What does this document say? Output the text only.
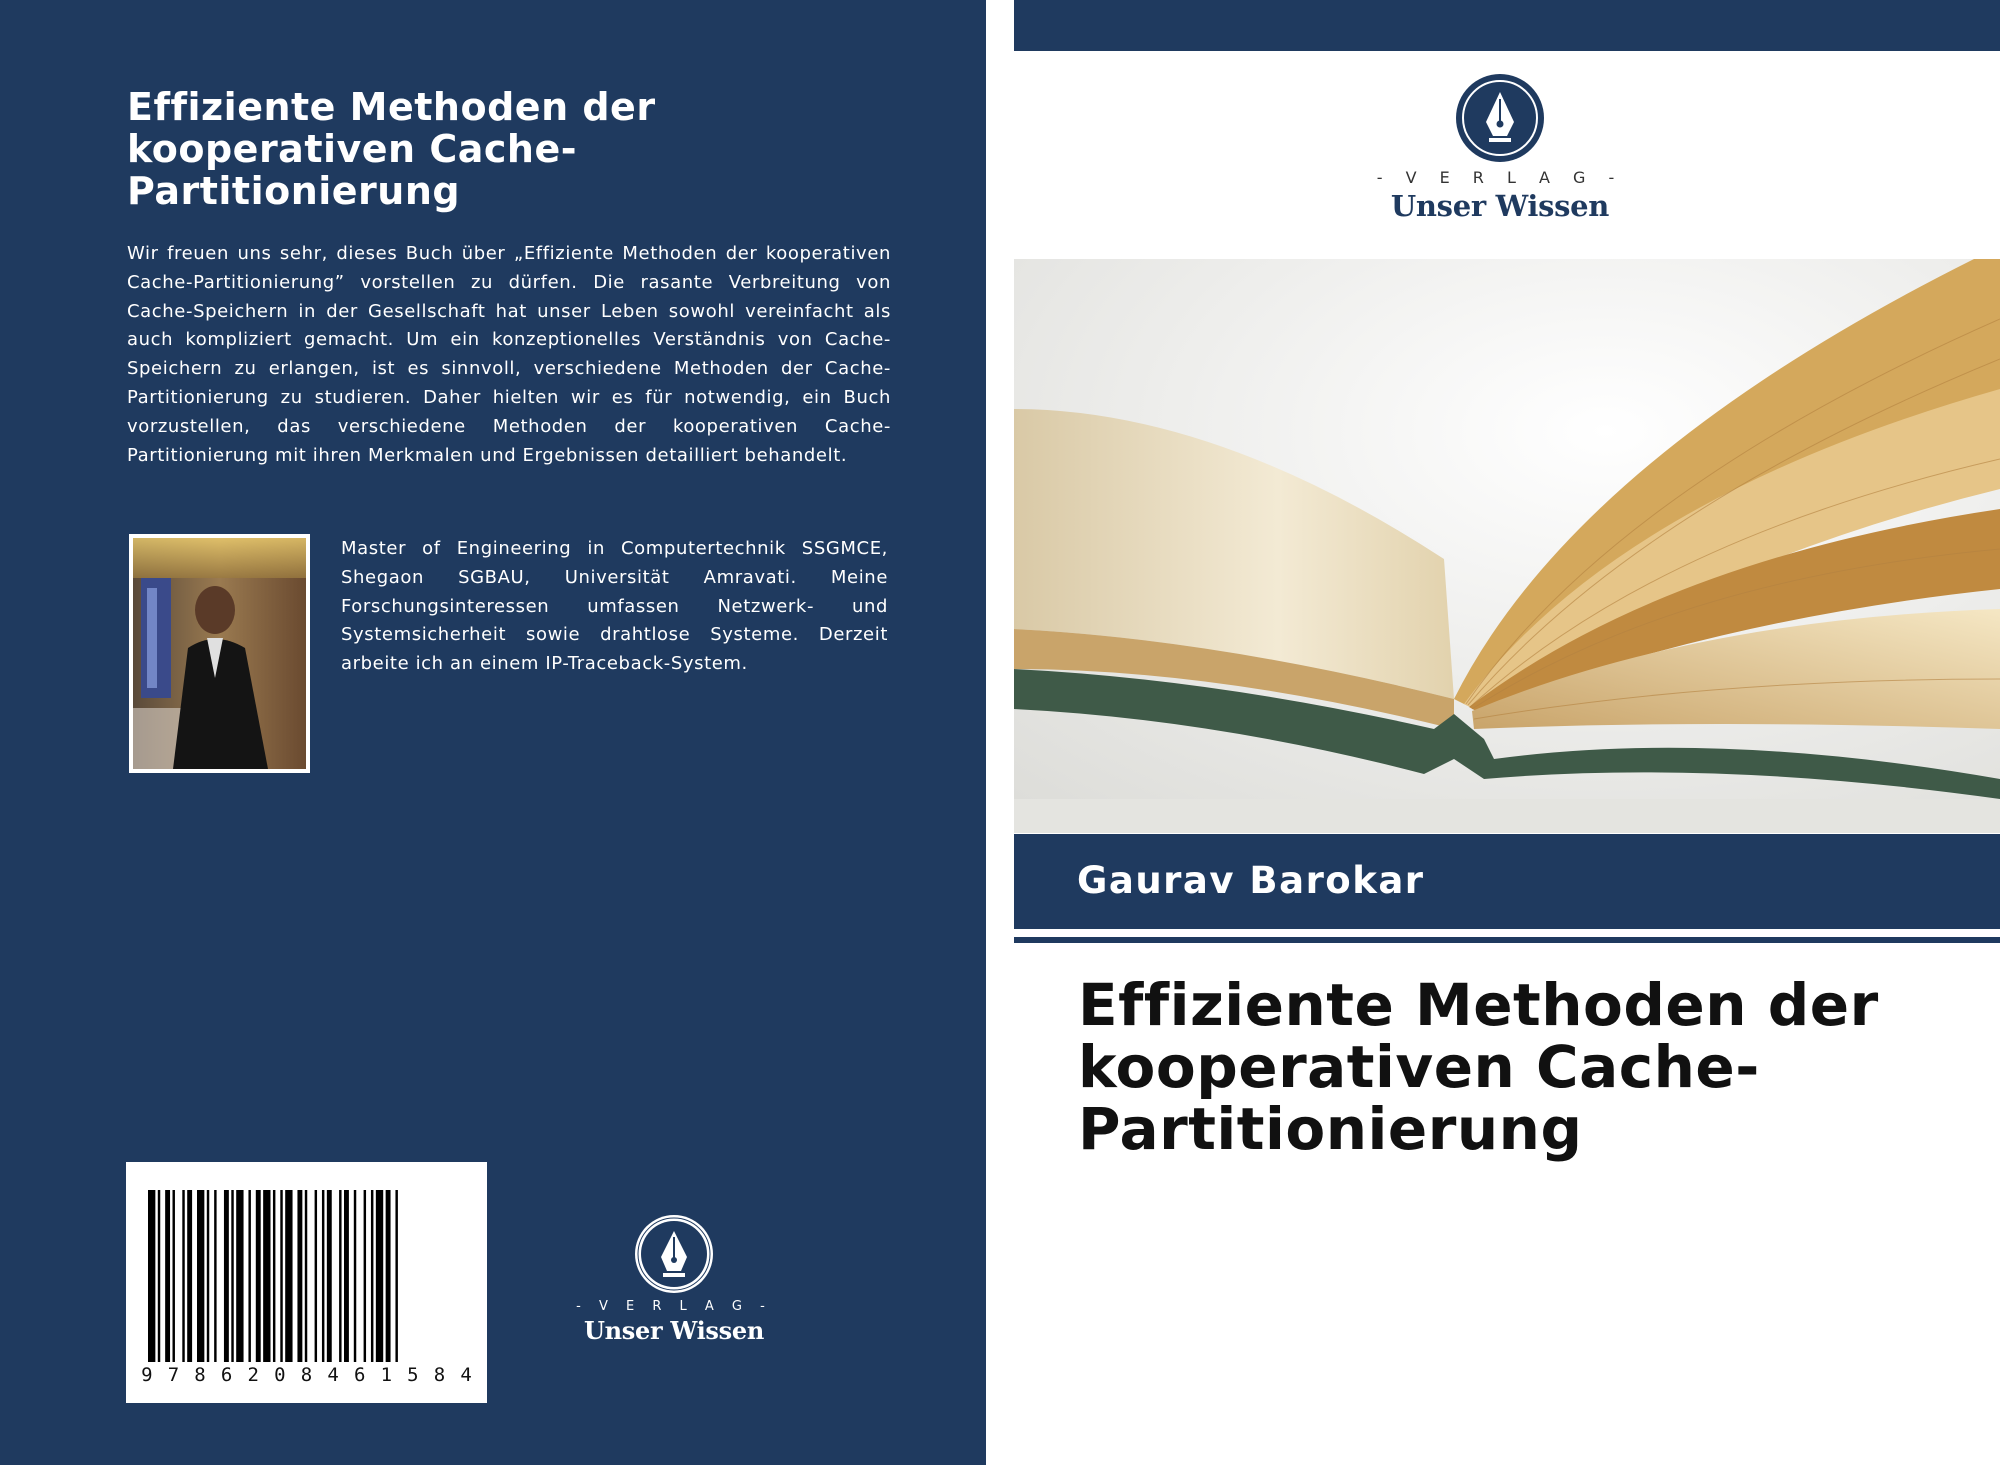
Effiziente Methoden der kooperativen Cache-Partitionierung

Wir freuen uns sehr, dieses Buch über „Effiziente Methoden der kooperativen Cache-Partitionierung” vorstellen zu dürfen. Die rasante Verbreitung von Cache-Speichern in der Gesellschaft hat unser Leben sowohl vereinfacht als auch kompliziert gemacht. Um ein konzeptionelles Verständnis von Cache-Speichern zu erlangen, ist es sinnvoll, verschiedene Methoden der Cache-Partitionierung zu studieren. Daher hielten wir es für notwendig, ein Buch vorzustellen, das verschiedene Methoden der kooperativen Cache-Partitionierung mit ihren Merkmalen und Ergebnissen detailliert behandelt.

Master of Engineering in Computertechnik SSGMCE, Shegaon SGBAU, Universität Amravati. Meine Forschungsinteressen umfassen Netzwerk- und Systemsicherheit sowie drahtlose Systeme. Derzeit arbeite ich an einem IP-Traceback-System.

9 7 8 6 2 0 8 4 6 1 5 8 4
- V E R L A G -
Unser Wissen
- V E R L A G -
Unser Wissen
Gaurav Barokar
Effiziente Methoden der kooperativen Cache-Partitionierung
